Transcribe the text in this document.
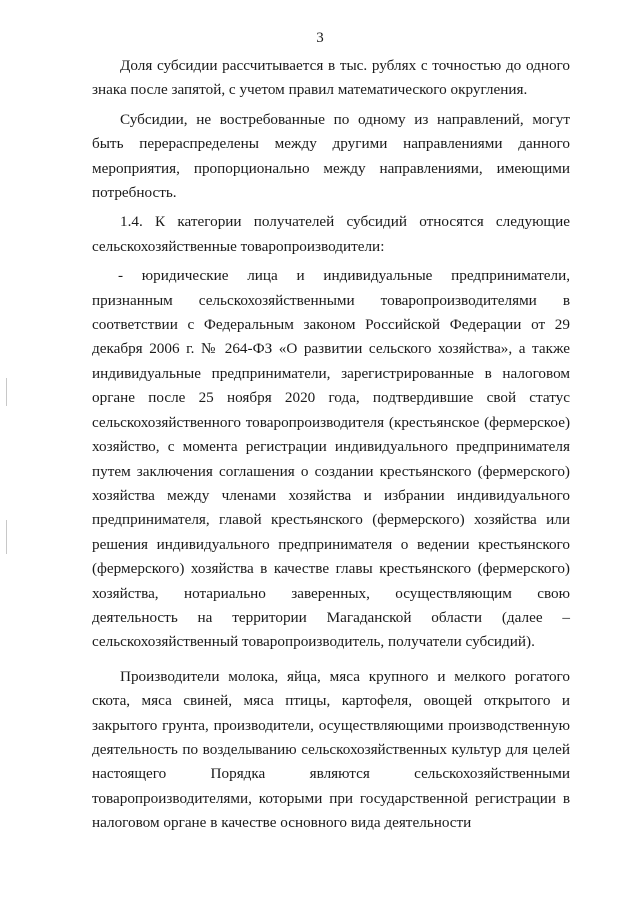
3

Доля субсидии рассчитывается в тыс. рублях с точностью до одного знака после запятой, с учетом правил математического округления.

Субсидии, не востребованные по одному из направлений, могут быть перераспределены между другими направлениями данного мероприятия, пропорционально между направлениями, имеющими потребность.

1.4. К категории получателей субсидий относятся следующие сельскохозяйственные товаропроизводители:

- юридические лица и индивидуальные предприниматели, признанным сельскохозяйственными товаропроизводителями в соответствии с Федеральным законом Российской Федерации от 29 декабря 2006 г. № 264-ФЗ «О развитии сельского хозяйства», а также индивидуальные предприниматели, зарегистрированные в налоговом органе после 25 ноября 2020 года, подтвердившие свой статус сельскохозяйственного товаропроизводителя (крестьянское (фермерское) хозяйство, с момента регистрации индивидуального предпринимателя путем заключения соглашения о создании крестьянского (фермерского) хозяйства между членами хозяйства и избрании индивидуального предпринимателя, главой крестьянского (фермерского) хозяйства или решения индивидуального предпринимателя о ведении крестьянского (фермерского) хозяйства в качестве главы крестьянского (фермерского) хозяйства, нотариально заверенных, осуществляющим свою деятельность на территории Магаданской области (далее – сельскохозяйственный товаропроизводитель, получатели субсидий).

Производители молока, яйца, мяса крупного и мелкого рогатого скота, мяса свиней, мяса птицы, картофеля, овощей открытого и закрытого грунта, производители, осуществляющими производственную деятельность по возделыванию сельскохозяйственных культур для целей настоящего Порядка являются сельскохозяйственными товаропроизводителями, которыми при государственной регистрации в налоговом органе в качестве основного вида деятельности
